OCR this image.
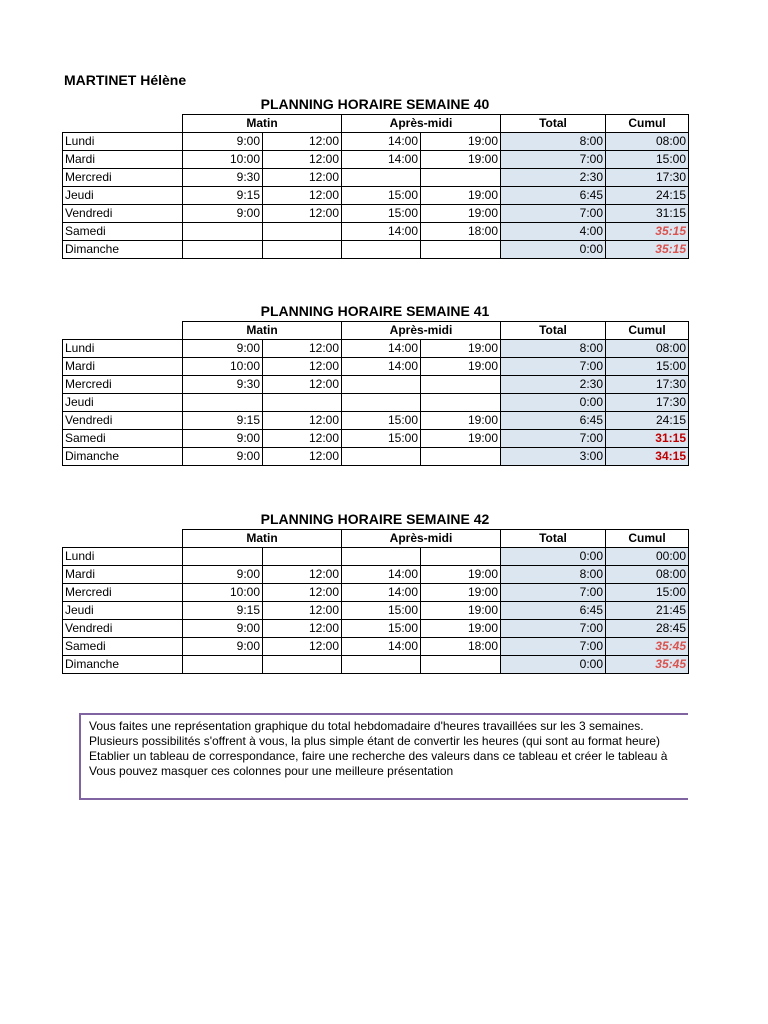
MARTINET Hélène
PLANNING HORAIRE SEMAINE 40
	Matin		Après-midi		Total	Cumul
Lundi	9:00	12:00	14:00	19:00	8:00	08:00
Mardi	10:00	12:00	14:00	19:00	7:00	15:00
Mercredi	9:30	12:00			2:30	17:30
Jeudi	9:15	12:00	15:00	19:00	6:45	24:15
Vendredi	9:00	12:00	15:00	19:00	7:00	31:15
Samedi			14:00	18:00	4:00	35:15
Dimanche					0:00	35:15
PLANNING HORAIRE SEMAINE 41
	Matin		Après-midi		Total	Cumul
Lundi	9:00	12:00	14:00	19:00	8:00	08:00
Mardi	10:00	12:00	14:00	19:00	7:00	15:00
Mercredi	9:30	12:00			2:30	17:30
Jeudi					0:00	17:30
Vendredi	9:15	12:00	15:00	19:00	6:45	24:15
Samedi	9:00	12:00	15:00	19:00	7:00	31:15
Dimanche	9:00	12:00			3:00	34:15
PLANNING HORAIRE SEMAINE 42
	Matin		Après-midi		Total	Cumul
Lundi					0:00	00:00
Mardi	9:00	12:00	14:00	19:00	8:00	08:00
Mercredi	10:00	12:00	14:00	19:00	7:00	15:00
Jeudi	9:15	12:00	15:00	19:00	6:45	21:45
Vendredi	9:00	12:00	15:00	19:00	7:00	28:45
Samedi	9:00	12:00	14:00	18:00	7:00	35:45
Dimanche					0:00	35:45
Vous faites une représentation graphique du total hebdomadaire d'heures travaillées sur les 3 semaines.
Plusieurs possibilités s'offrent à vous, la plus simple étant de convertir les heures (qui sont au format heure)
Etablier un tableau de correspondance, faire une recherche des valeurs dans ce tableau et créer le tableau à
Vous pouvez masquer ces colonnes pour une meilleure présentation
